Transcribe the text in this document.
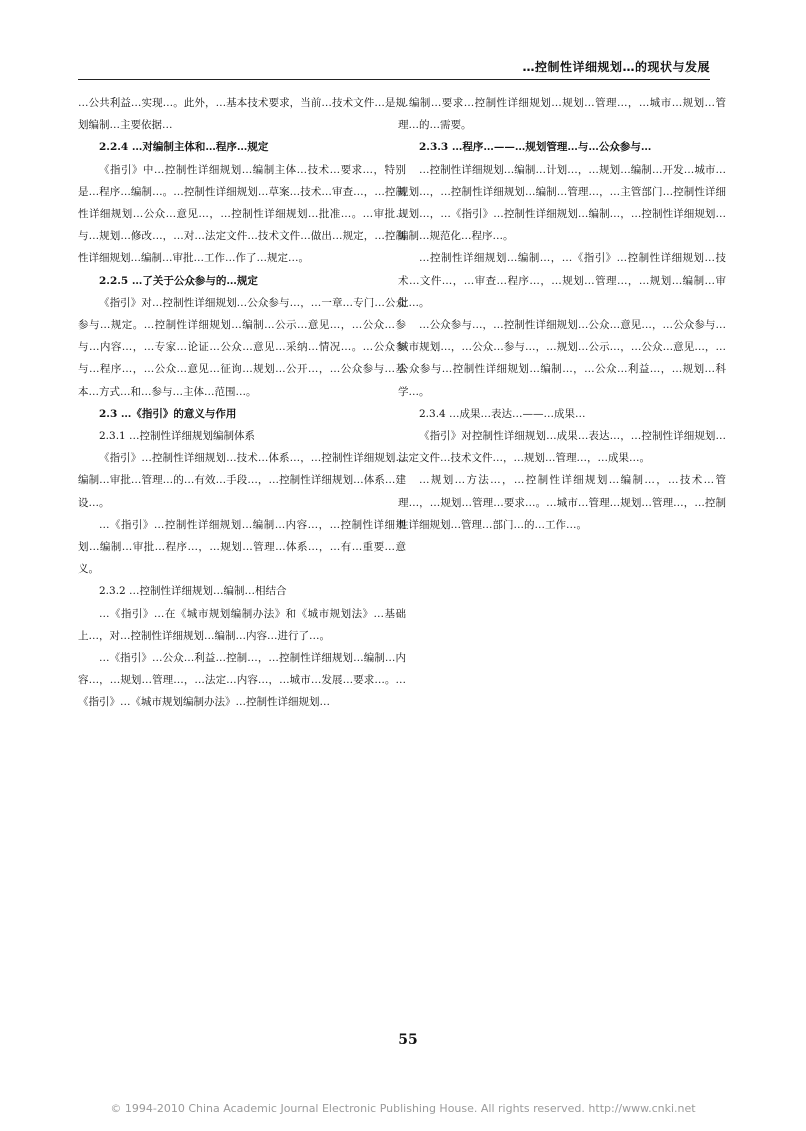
…控制性详细规划…的现状与发展
…公共利益…实现…。此外，…基本技术要求，当前…技术文件…是规划编制…主要依据…
2.2.4 …对编制主体和…程序…规定
《指引》中…控制性详细规划…编制主体…技术…要求…，特别是…程序…编制…。…控制性详细规划…草案…技术…审查…，…控制性详细规划…公众…意见…，…控制性详细规划…批准…。…审批…与…规划…修改…，…对…法定文件…技术文件…做出…规定，…控制性详细规划…编制…审批…工作…作了…规定…。
2.2.5 …了关于公众参与的…规定
《指引》对…控制性详细规划…公众参与…，…一章…专门…公众参与…规定。…控制性详细规划…编制…公示…意见…，…公众…参与…内容…，…专家…论证…公众…意见…采纳…情况…。…公众参与…程序…，…公众…意见…征询…规划…公开…，…公众参与…基本…方式…和…参与…主体…范围…。
2.3 …《指引》的意义与作用
2.3.1 …控制性详细规划编制体系
《指引》…控制性详细规划…技术…体系…，…控制性详细规划…编制…审批…管理…的…有效…手段…，…控制性详细规划…体系…建设…。
…《指引》…控制性详细规划…编制…内容…，…控制性详细规划…编制…审批…程序…，…规划…管理…体系…，…有…重要…意义。
2.3.2 …控制性详细规划…编制…相结合
…《指引》…在《城市规划编制办法》和《城市规划法》…基础上…，对…控制性详细规划…编制…内容…进行了…。
…《指引》…公众…利益…控制…，…控制性详细规划…编制…内容…，…规划…管理…，…法定…内容…，…城市…发展…要求…。…《指引》…《城市规划编制办法》…控制性详细规划…
…编制…要求…控制性详细规划…规划…管理…，…城市…规划…管理…的…需要。
2.3.3 …程序…——…规划管理…与…公众参与…
…控制性详细规划…编制…计划…，…规划…编制…开发…城市…规划…，…控制性详细规划…编制…管理…，…主管部门…控制性详细规划…，…《指引》…控制性详细规划…编制…，…控制性详细规划…编制…规范化…程序…。
…控制性详细规划…编制…，…《指引》…控制性详细规划…技术…文件…，…审查…程序…，…规划…管理…，…规划…编制…审批…。
…公众参与…，…控制性详细规划…公众…意见…，…公众参与…城市规划…，…公众…参与…，…规划…公示…，…公众…意见…，…公众参与…控制性详细规划…编制…，…公众…利益…，…规划…科学…。
2.3.4 …成果…表达…——…成果…
《指引》对控制性详细规划…成果…表达…，…控制性详细规划…法定文件…技术文件…，…规划…管理…，…成果…。
…规划…方法…，…控制性详细规划…编制…，…技术…管理…，…规划…管理…要求…。…城市…管理…规划…管理…，…控制性详细规划…管理…部门…的…工作…。
55
© 1994-2010 China Academic Journal Electronic Publishing House. All rights reserved. http://www.cnki.net
